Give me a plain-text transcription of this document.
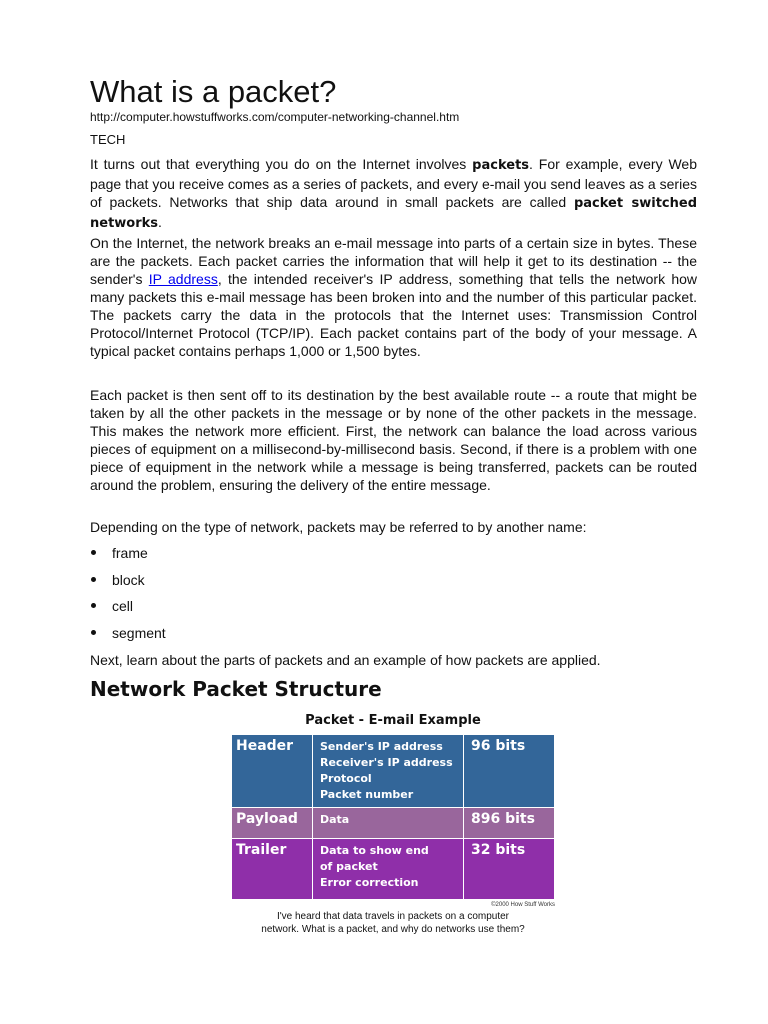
What is a packet?
http://computer.howstuffworks.com/computer-networking-channel.htm
TECH

It turns out that everything you do on the Internet involves packets. For example, every Web page that you receive comes as a series of packets, and every e-mail you send leaves as a series of packets. Networks that ship data around in small packets are called packet switched networks.

On the Internet, the network breaks an e-mail message into parts of a certain size in bytes. These are the packets. Each packet carries the information that will help it get to its destination -- the sender's IP address, the intended receiver's IP address, something that tells the network how many packets this e-mail message has been broken into and the number of this particular packet. The packets carry the data in the protocols that the Internet uses: Transmission Control Protocol/Internet Protocol (TCP/IP). Each packet contains part of the body of your message. A typical packet contains perhaps 1,000 or 1,500 bytes.

Each packet is then sent off to its destination by the best available route -- a route that might be taken by all the other packets in the message or by none of the other packets in the message. This makes the network more efficient. First, the network can balance the load across various pieces of equipment on a millisecond-by-millisecond basis. Second, if there is a problem with one piece of equipment in the network while a message is being transferred, packets can be routed around the problem, ensuring the delivery of the entire message.

Depending on the type of network, packets may be referred to by another name:

frame
block
cell
segment

Next, learn about the parts of packets and an example of how packets are applied.

Network Packet Structure
Packet - E-mail Example
Header	Sender's IP address
Receiver's IP address
Protocol
Packet number	96 bits
Payload	Data	896 bits
Trailer	Data to show end
of packet
Error correction	32 bits
©2000 How Stuff Works
I've heard that data travels in packets on a computer
network. What is a packet, and why do networks use them?
